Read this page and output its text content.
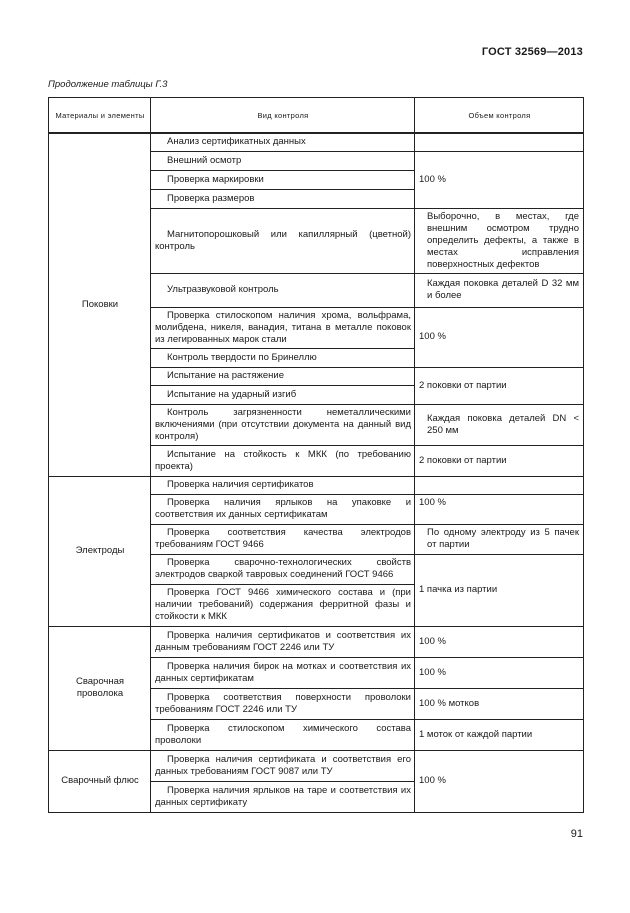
ГОСТ 32569—2013
Продолжение таблицы Г.3
Материалы и элементы	Вид контроля	Объем контроля
Поковки	Анализ сертификатных данных	
	Внешний осмотр	100 %
	Проверка маркировки	
	Проверка размеров	
	Магнитопорошковый или капиллярный (цветной) контроль	Выборочно, в местах, где внешним осмотром трудно определить дефекты, а также в местах исправления поверхностных дефектов
	Ультразвуковой контроль	Каждая поковка деталей D 32 мм и более
	Проверка стилоскопом наличия хрома, вольфрама, молибдена, никеля, ванадия, титана в металле поковок из легированных марок стали	100 %
	Контроль твердости по Бринеллю	
	Испытание на растяжение	2 поковки от партии
	Испытание на ударный изгиб	
	Контроль загрязненности неметаллическими включениями (при отсутствии документа на данный вид контроля)	Каждая поковка деталей DN < 250 мм
	Испытание на стойкость к МКК (по требованию проекта)	2 поковки от партии
Электроды	Проверка наличия сертификатов	
	Проверка наличия ярлыков на упаковке и соответствия их данных сертификатам	100 %
	Проверка соответствия качества электродов требованиям ГОСТ 9466	По одному электроду из 5 пачек от партии
	Проверка сварочно-технологических свойств электродов сваркой тавровых соединений ГОСТ 9466	1 пачка из партии
	Проверка ГОСТ 9466 химического состава и (при наличии требований) содержания ферритной фазы и стойкости к МКК	
Сварочная проволока	Проверка наличия сертификатов и соответствия их данным требованиям ГОСТ 2246 или ТУ	100 %
	Проверка наличия бирок на мотках и соответствия их данных сертификатам	100 %
	Проверка соответствия поверхности проволоки требованиям ГОСТ 2246 или ТУ	100 % мотков
	Проверка стилоскопом химического состава проволоки	1 моток от каждой партии
Сварочный флюс	Проверка наличия сертификата и соответствия его данных требованиям ГОСТ 9087 или ТУ	100 %
	Проверка наличия ярлыков на таре и соответствия их данных сертификату	
91
